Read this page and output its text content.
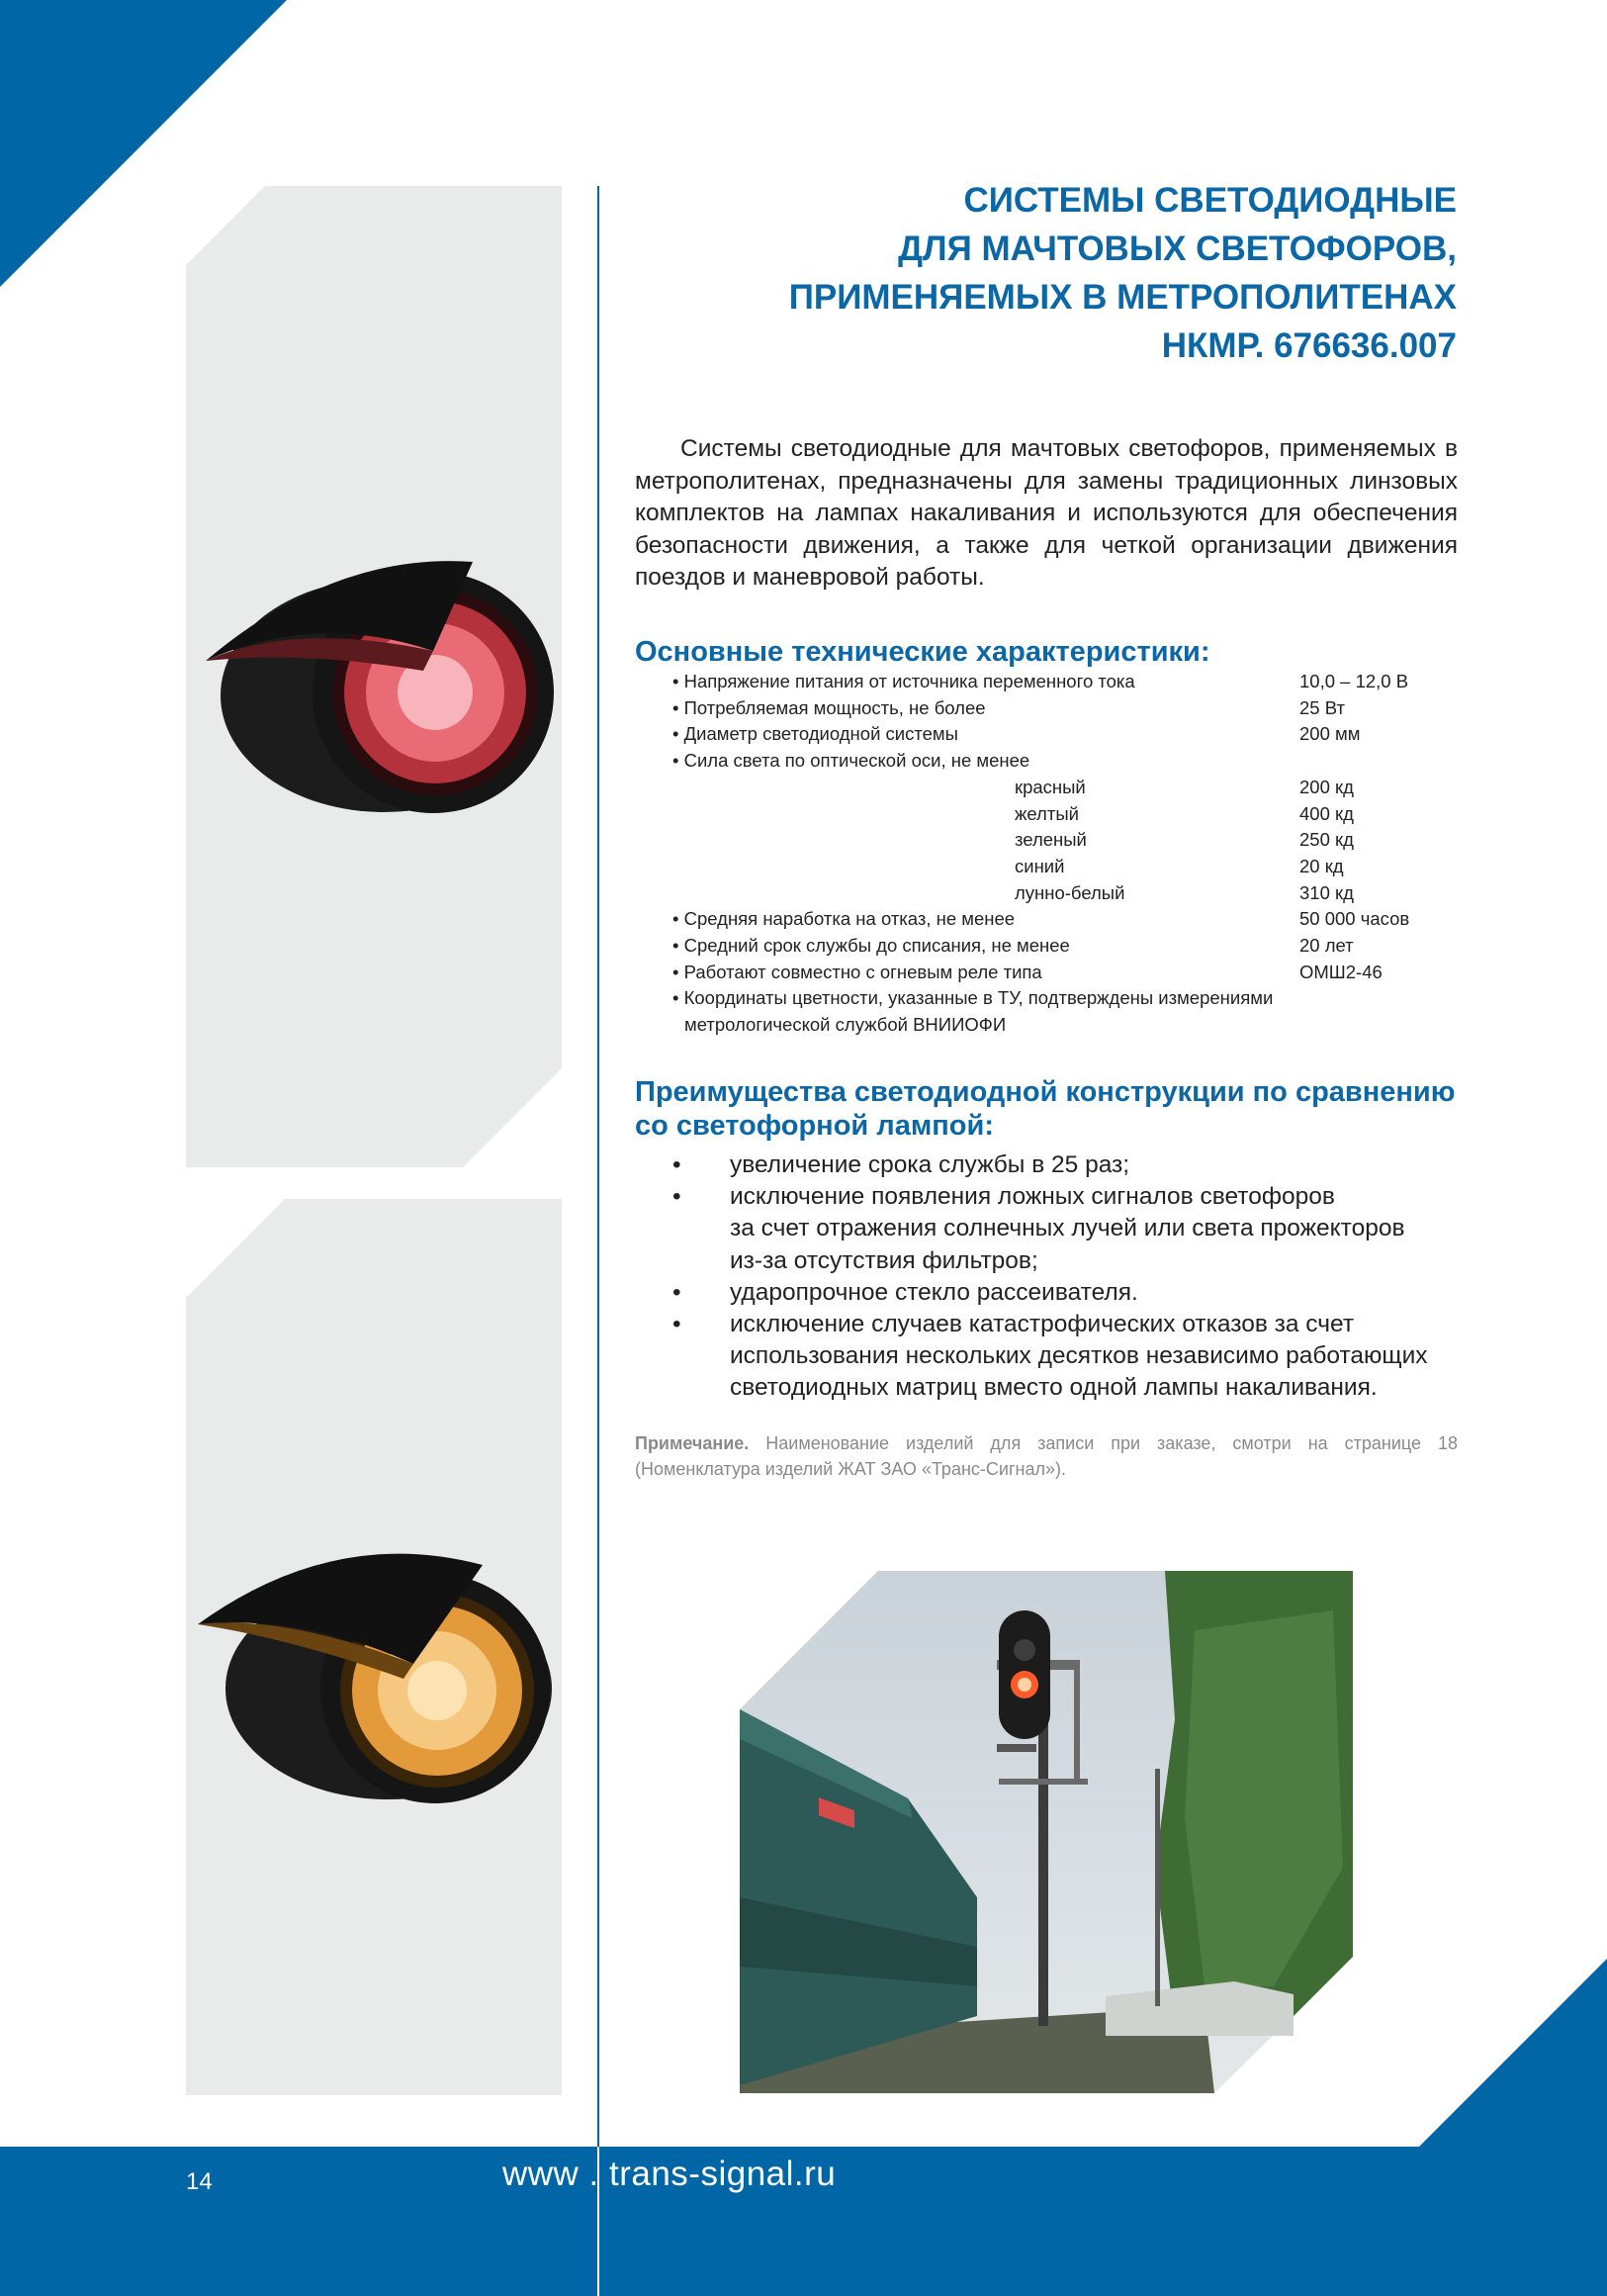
СИСТЕМЫ СВЕТОДИОДНЫЕ
ДЛЯ МАЧТОВЫХ СВЕТОФОРОВ,
ПРИМЕНЯЕМЫХ В МЕТРОПОЛИТЕНАХ
НКМР. 676636.007
Системы светодиодные для мачтовых светофоров, применяемых в метрополитенах, предназначены для замены традиционных линзовых комплектов на лампах накаливания и используются для обеспечения безопасности движения, а также для четкой организации движения поездов и маневровой работы.
Основные технические характеристики:
• Напряжение питания от источника переменного тока	10,0 – 12,0 В
• Потребляемая мощность, не более	25 Вт
• Диаметр светодиодной системы	200 мм
• Сила света по оптической оси, не менее
красный	200 кд
желтый	400 кд
зеленый	250 кд
синий	20 кд
лунно-белый	310 кд
• Средняя наработка на отказ, не менее	50 000 часов
• Средний срок службы до списания, не менее	20 лет
• Работают совместно с огневым реле типа	ОМШ2-46
• Координаты цветности, указанные в ТУ, подтверждены измерениями
метрологической службой ВНИИОФИ
Преимущества светодиодной конструкции по сравнению
со светофорной лампой:
• увеличение срока службы в 25 раз;
• исключение появления ложных сигналов светофоров
за счет отражения солнечных лучей или света прожекторов
из-за отсутствия фильтров;
• ударопрочное стекло рассеивателя.
• исключение случаев катастрофических отказов за счет
использования нескольких десятков независимо работающих
светодиодных матриц вместо одной лампы накаливания.
Примечание. Наименование изделий для записи при заказе, смотри на странице 18 (Номенклатура изделий ЖАТ ЗАО «Транс-Сигнал»).
14	www . trans-signal.ru
